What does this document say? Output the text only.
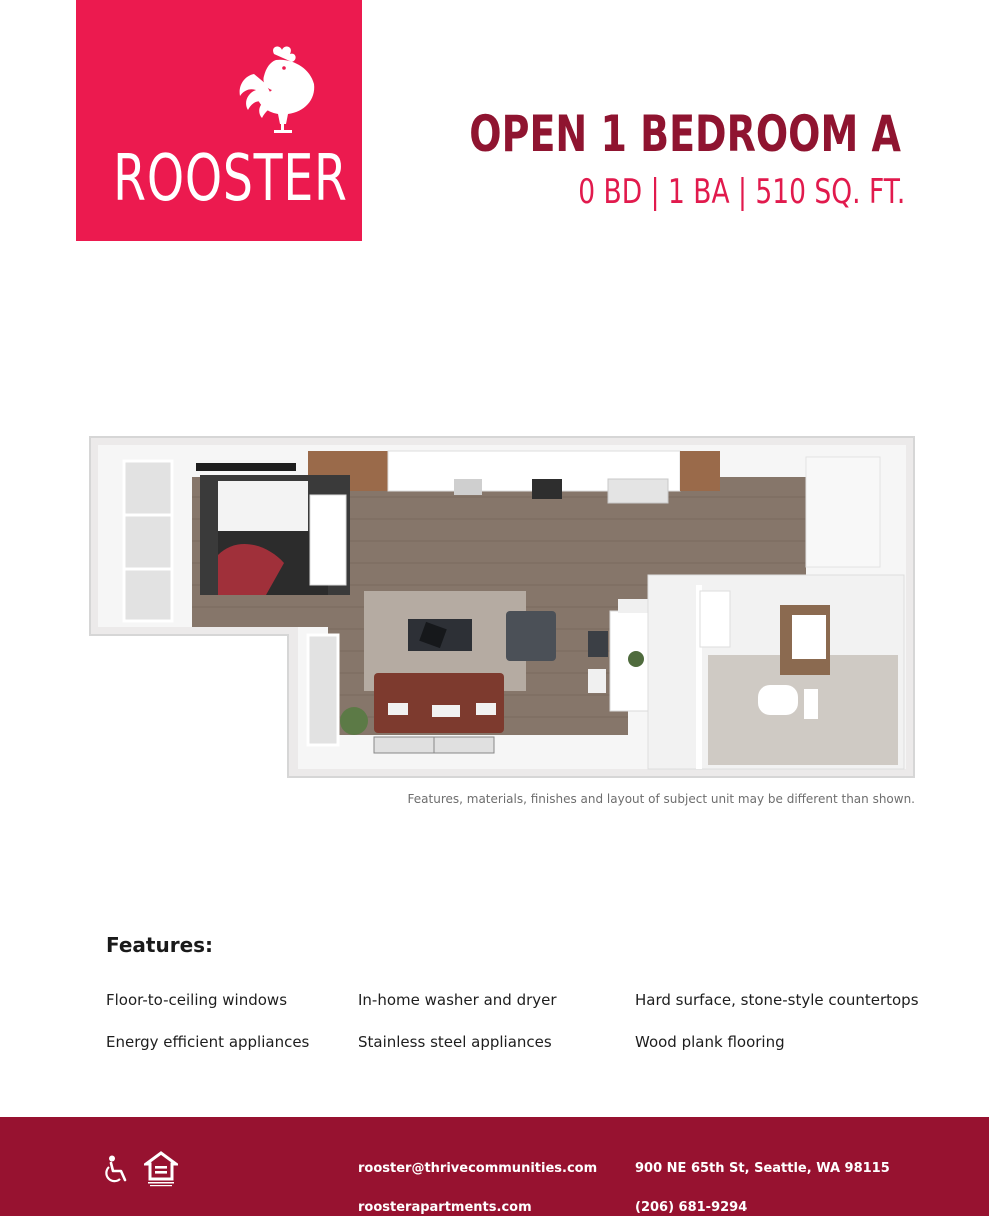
ROOSTER
OPEN 1 BEDROOM A
0 BD | 1 BA | 510 SQ. FT.
Features, materials, finishes and layout of subject unit may be different than shown.
Features:
Floor-to-ceiling windows	In-home washer and dryer	Hard surface, stone-style countertops
Energy efficient appliances	Stainless steel appliances	Wood plank flooring
rooster@thrivecommunities.com
roosterapartments.com
900 NE 65th St, Seattle, WA 98115
(206) 681-9294
